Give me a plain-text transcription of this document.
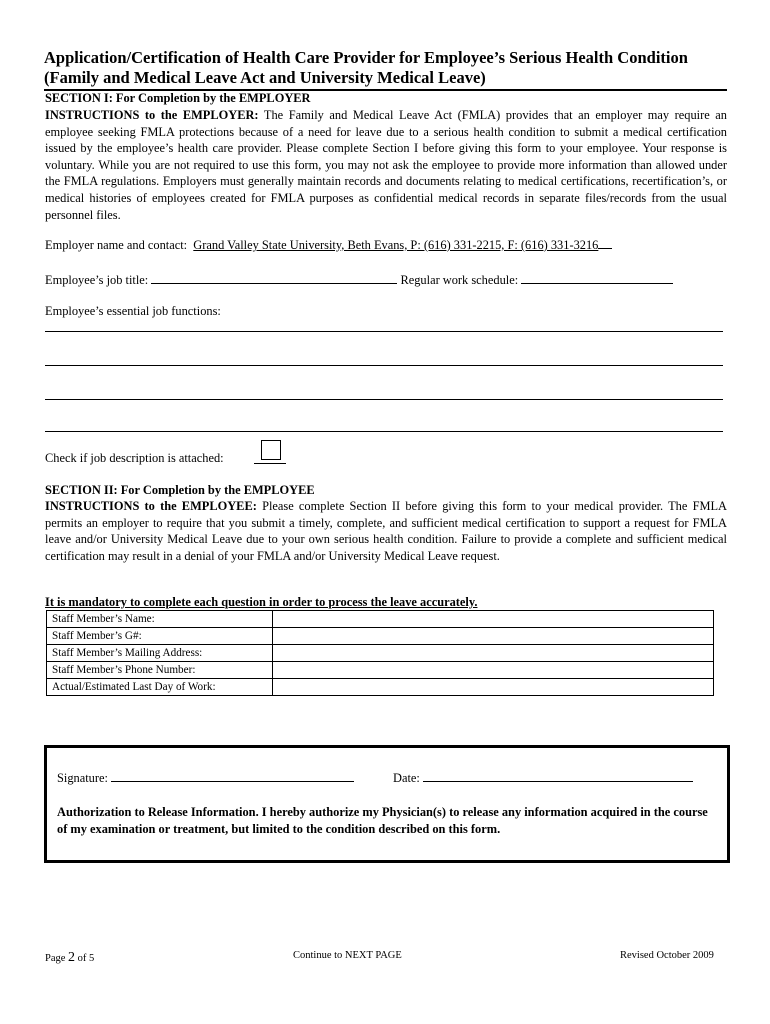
Application/Certification of Health Care Provider for Employee’s Serious Health Condition
(Family and Medical Leave Act and University Medical Leave)
SECTION I: For Completion by the EMPLOYER
INSTRUCTIONS to the EMPLOYER: The Family and Medical Leave Act (FMLA) provides that an employer may require an employee seeking FMLA protections because of a need for leave due to a serious health condition to submit a medical certification issued by the employee’s health care provider. Please complete Section I before giving this form to your employee. Your response is voluntary. While you are not required to use this form, you may not ask the employee to provide more information than allowed under the FMLA regulations. Employers must generally maintain records and documents relating to medical certifications, recertification’s, or medical histories of employees created for FMLA purposes as confidential medical records in separate files/records from the usual personnel files.
Employer name and contact: Grand Valley State University, Beth Evans, P: (616) 331-2215, F: (616) 331-3216
Employee’s job title:	Regular work schedule:
Employee’s essential job functions:
Check if job description is attached:
SECTION II: For Completion by the EMPLOYEE
INSTRUCTIONS to the EMPLOYEE: Please complete Section II before giving this form to your medical provider. The FMLA permits an employer to require that you submit a timely, complete, and sufficient medical certification to support a request for FMLA leave and/or University Medical Leave due to your own serious health condition. Failure to provide a complete and sufficient medical certification may result in a denial of your FMLA and/or University Medical Leave request.
It is mandatory to complete each question in order to process the leave accurately.
Staff Member’s Name:	
Staff Member’s G#:	
Staff Member’s Mailing Address:	
Staff Member’s Phone Number:	
Actual/Estimated Last Day of Work:	
Signature:	Date:
Authorization to Release Information. I hereby authorize my Physician(s) to release any information acquired in the course of my examination or treatment, but limited to the condition described on this form.
Page 2 of 5	Continue to NEXT PAGE	Revised October 2009
